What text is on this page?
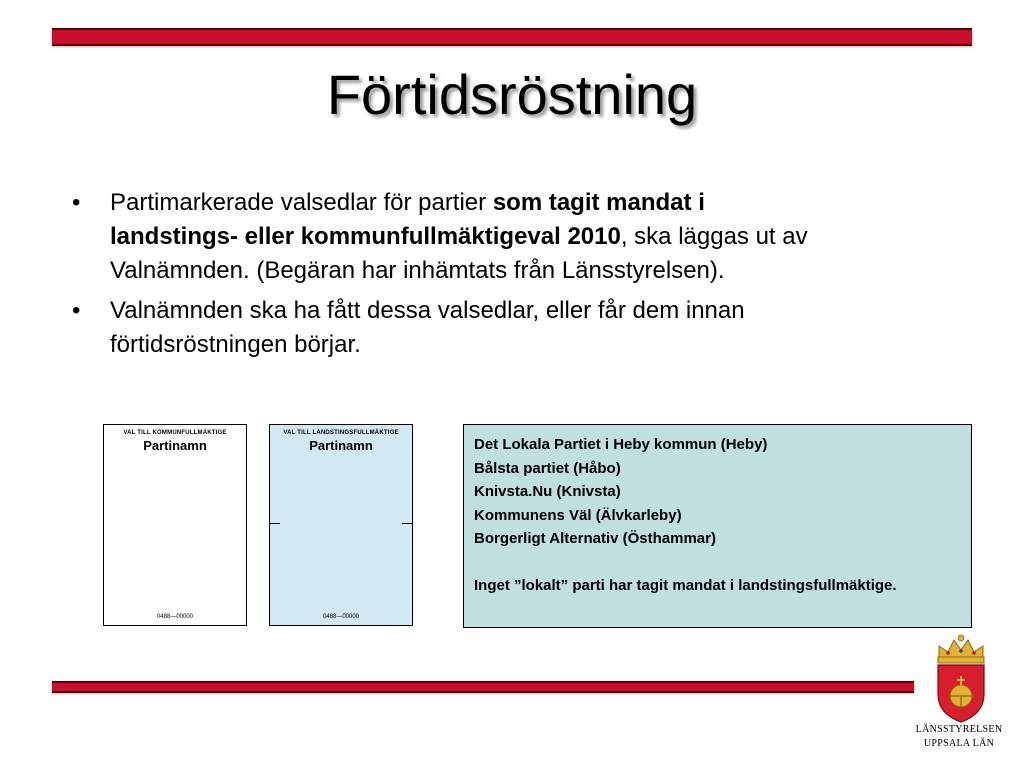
Förtidsröstning
• Partimarkerade valsedlar för partier som tagit mandat i landstings- eller kommunfullmäktigeval 2010, ska läggas ut av Valnämnden. (Begäran har inhämtats från Länsstyrelsen).
• Valnämnden ska ha fått dessa valsedlar, eller får dem innan förtidsröstningen börjar.
VAL TILL KOMMUNFULLMÄKTIGE
Partinamn
0488—00000
VAL TILL LANDSTINGSFULLMÄKTIGE
Partinamn
0488—00000
Det Lokala Partiet i Heby kommun (Heby)
Bålsta partiet (Håbo)
Knivsta.Nu (Knivsta)
Kommunens Väl (Älvkarleby)
Borgerligt Alternativ (Östhammar)
Inget ”lokalt” parti har tagit mandat i landstingsfullmäktige.
LÄNSSTYRELSEN
UPPSALA LÄN
